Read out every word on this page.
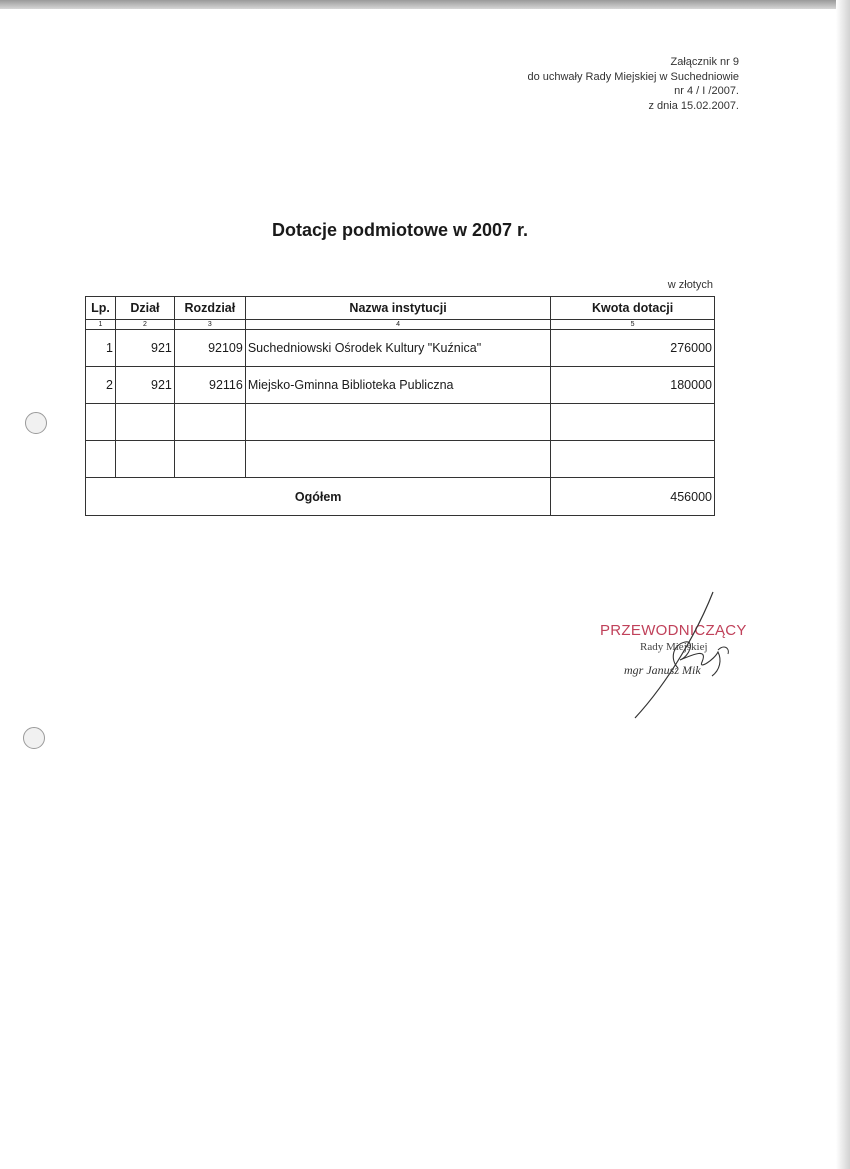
Załącznik nr 9
do uchwały Rady Miejskiej w Suchedniowie
nr 4 / I /2007.
z dnia 15.02.2007.
Dotacje podmiotowe w 2007 r.
w złotych
Lp.	Dział	Rozdział	Nazwa instytucji	Kwota dotacji
1	2	3	4	5
1	921	92109	Suchedniowski Ośrodek Kultury "Kuźnica"	276000
2	921	92116	Miejsko-Gminna Biblioteka Publiczna	180000

Ogółem				456000
PRZEWODNICZĄCY
Rady Miejskiej
mgr Janusz Mik
